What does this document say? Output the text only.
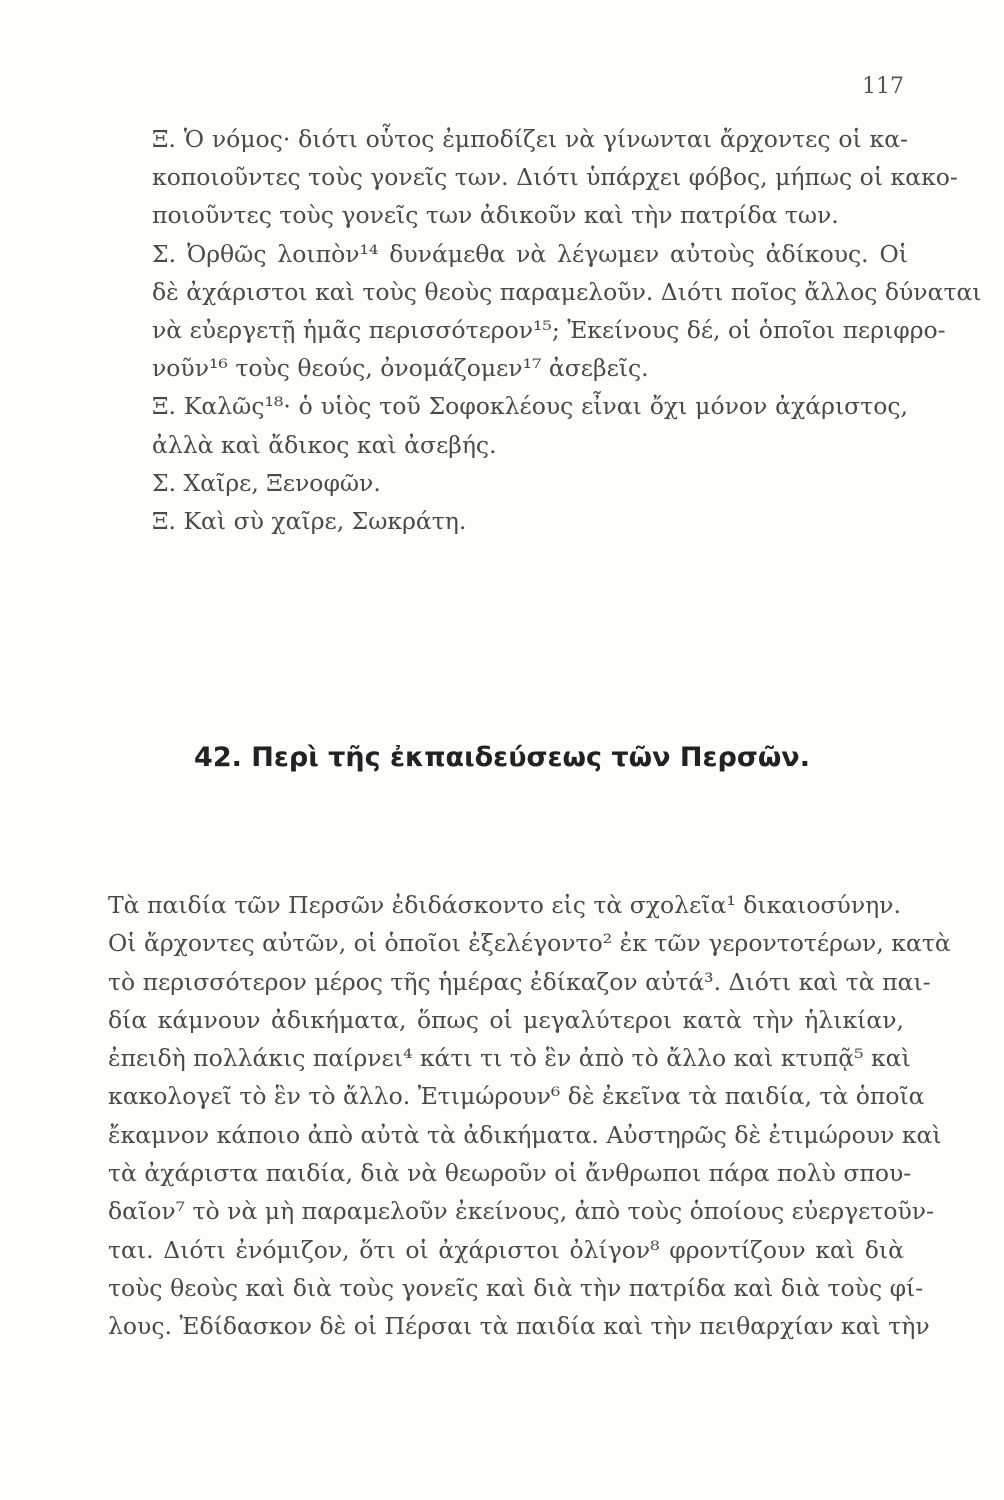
117
Ξ. Ὁ νόμος· διότι οὗτος ἐμποδίζει νὰ γίνωνται ἄρχοντες οἱ κα-
κοποιοῦντες τοὺς γονεῖς των. Διότι ὑπάρχει φόβος, μήπως οἱ κακο-
ποιοῦντες τοὺς γονεῖς των ἀδικοῦν καὶ τὴν πατρίδα των.
Σ. Ὀρθῶς λοιπὸν¹⁴ δυνάμεθα νὰ λέγωμεν αὐτοὺς ἀδίκους. Οἱ
δὲ ἀχάριστοι καὶ τοὺς θεοὺς παραμελοῦν. Διότι ποῖος ἄλλος δύναται
νὰ εὐεργετῇ ἡμᾶς περισσότερον¹⁵; Ἐκείνους δέ, οἱ ὁποῖοι περιφρο-
νοῦν¹⁶ τοὺς θεούς, ὀνομάζομεν¹⁷ ἀσεβεῖς.
Ξ. Καλῶς¹⁸· ὁ υἱὸς τοῦ Σοφοκλέους εἶναι ὄχι μόνον ἀχάριστος,
ἀλλὰ καὶ ἄδικος καὶ ἀσεβής.
Σ. Χαῖρε, Ξενοφῶν.
Ξ. Καὶ σὺ χαῖρε, Σωκράτη.
42. Περὶ τῆς ἐκπαιδεύσεως τῶν Περσῶν.
Τὰ παιδία τῶν Περσῶν ἐδιδάσκοντο εἰς τὰ σχολεῖα¹ δικαιοσύνην.
Οἱ ἄρχοντες αὐτῶν, οἱ ὁποῖοι ἐξελέγοντο² ἐκ τῶν γεροντοτέρων, κατὰ
τὸ περισσότερον μέρος τῆς ἡμέρας ἐδίκαζον αὐτά³. Διότι καὶ τὰ παι-
δία κάμνουν ἀδικήματα, ὅπως οἱ μεγαλύτεροι κατὰ τὴν ἡλικίαν,
ἐπειδὴ πολλάκις παίρνει⁴ κάτι τι τὸ ἓν ἀπὸ τὸ ἄλλο καὶ κτυπᾷ⁵ καὶ
κακολογεῖ τὸ ἓν τὸ ἄλλο. Ἐτιμώρουν⁶ δὲ ἐκεῖνα τὰ παιδία, τὰ ὁποῖα
ἔκαμνον κάποιο ἀπὸ αὐτὰ τὰ ἀδικήματα. Αὐστηρῶς δὲ ἐτιμώρουν καὶ
τὰ ἀχάριστα παιδία, διὰ νὰ θεωροῦν οἱ ἄνθρωποι πάρα πολὺ σπου-
δαῖον⁷ τὸ νὰ μὴ παραμελοῦν ἐκείνους, ἀπὸ τοὺς ὁποίους εὐεργετοῦν-
ται. Διότι ἐνόμιζον, ὅτι οἱ ἀχάριστοι ὀλίγον⁸ φροντίζουν καὶ διὰ
τοὺς θεοὺς καὶ διὰ τοὺς γονεῖς καὶ διὰ τὴν πατρίδα καὶ διὰ τοὺς φί-
λους. Ἐδίδασκον δὲ οἱ Πέρσαι τὰ παιδία καὶ τὴν πειθαρχίαν καὶ τὴν
